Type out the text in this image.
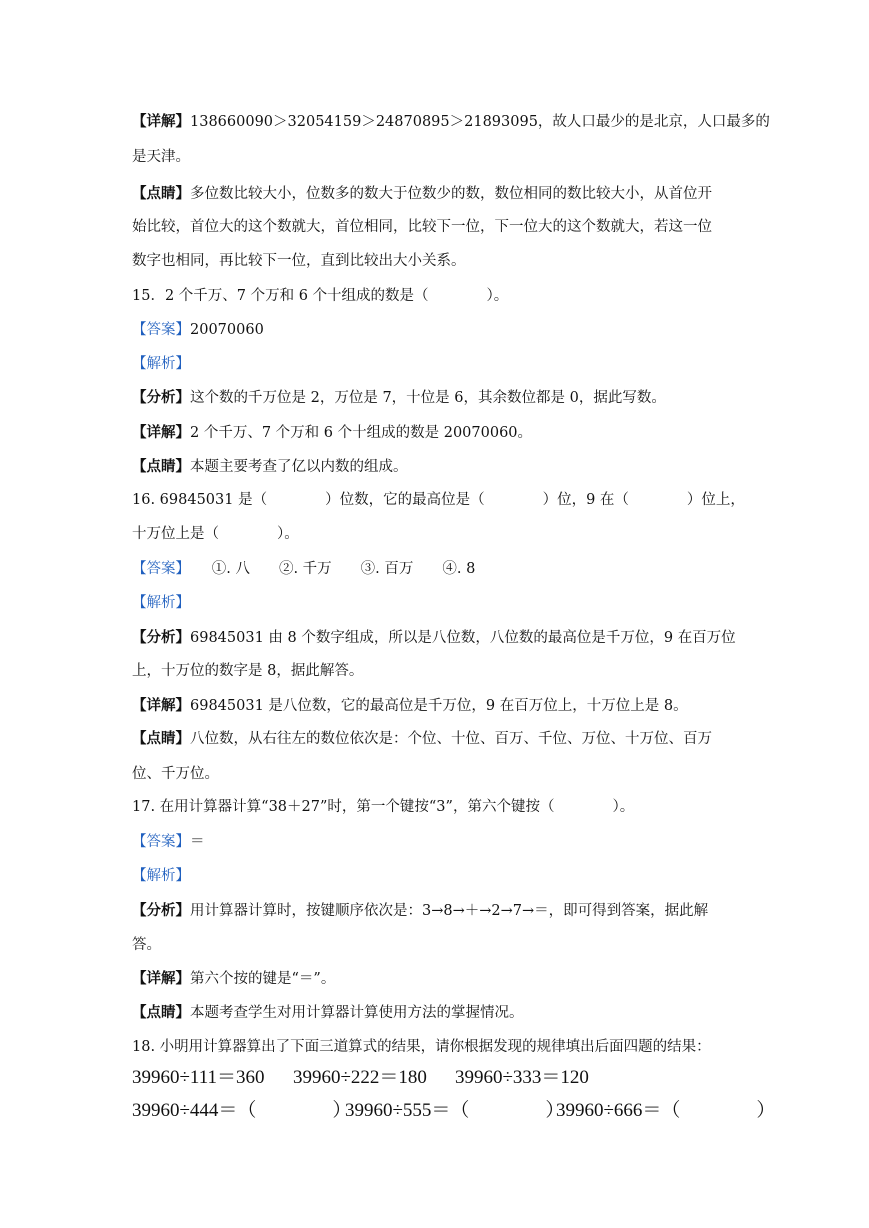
【详解】138660090＞32054159＞24870895＞21893095，故人口最少的是北京，人口最多的
是天津。
【点睛】多位数比较大小，位数多的数大于位数少的数，数位相同的数比较大小，从首位开
始比较，首位大的这个数就大，首位相同，比较下一位，下一位大的这个数就大，若这一位
数字也相同，再比较下一位，直到比较出大小关系。
15．2 个千万、7 个万和 6 个十组成的数是（　　　　）。
【答案】20070060
【解析】
【分析】这个数的千万位是 2，万位是 7，十位是 6，其余数位都是 0，据此写数。
【详解】2 个千万、7 个万和 6 个十组成的数是 20070060。
【点睛】本题主要考查了亿以内数的组成。
16. 69845031 是（　　　　）位数，它的最高位是（　　　　）位，9 在（　　　　）位上，
十万位上是（　　　　）。
【答案】　　①. 八　　②. 千万　　③. 百万　　④. 8
【解析】
【分析】69845031 由 8 个数字组成，所以是八位数，八位数的最高位是千万位，9 在百万位
上，十万位的数字是 8，据此解答。
【详解】69845031 是八位数，它的最高位是千万位，9 在百万位上，十万位上是 8。
【点睛】八位数，从右往左的数位依次是：个位、十位、百万、千位、万位、十万位、百万
位、千万位。
17. 在用计算器计算“38＋27”时，第一个键按“3”，第六个键按（　　　　）。
【答案】＝
【解析】
【分析】用计算器计算时，按键顺序依次是：3→8→＋→2→7→＝，即可得到答案，据此解
答。
【详解】第六个按的键是“＝”。
【点睛】本题考查学生对用计算器计算使用方法的掌握情况。
18. 小明用计算器算出了下面三道算式的结果，请你根据发现的规律填出后面四题的结果：
39960÷111＝360 39960÷222＝180 39960÷333＝120
39960÷444＝（　　　　）
39960÷555＝（　　　　）
39960÷666＝（　　　　）
